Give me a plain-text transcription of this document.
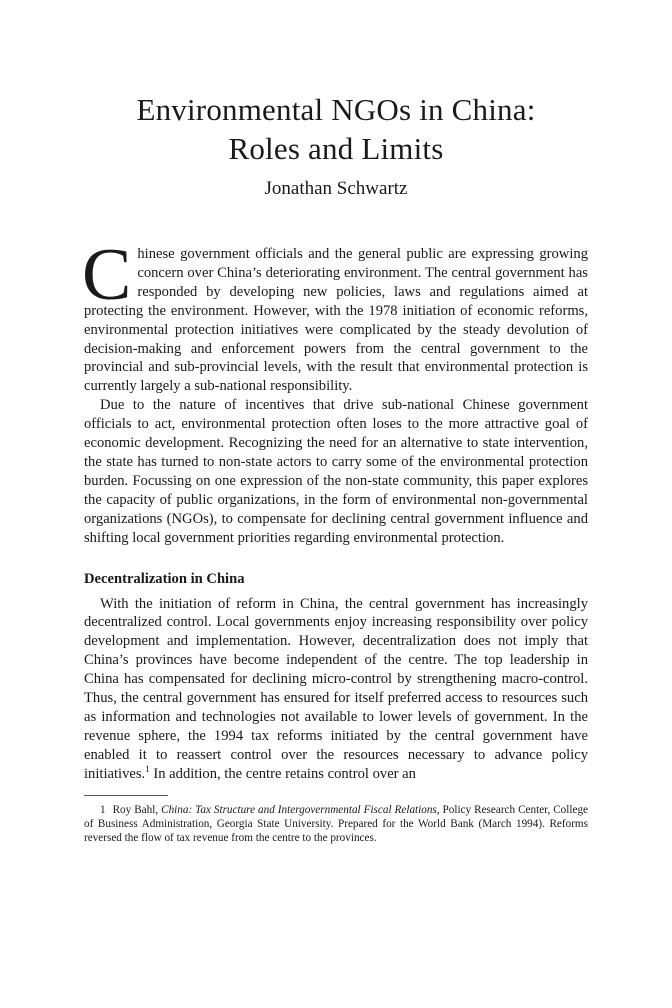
Environmental NGOs in China:
Roles and Limits
Jonathan Schwartz

Chinese government officials and the general public are expressing growing concern over China’s deteriorating environment. The central government has responded by developing new policies, laws and regulations aimed at protecting the environment. However, with the 1978 initiation of economic reforms, environmental protection initiatives were complicated by the steady devolution of decision-making and enforcement powers from the central government to the provincial and sub-provincial levels, with the result that environmental protection is currently largely a sub-national responsibility.

Due to the nature of incentives that drive sub-national Chinese government officials to act, environmental protection often loses to the more attractive goal of economic development. Recognizing the need for an alternative to state intervention, the state has turned to non-state actors to carry some of the environmental protection burden. Focussing on one expression of the non-state community, this paper explores the capacity of public organizations, in the form of environmental non-governmental organizations (NGOs), to compensate for declining central government influence and shifting local government priorities regarding environmental protection.

Decentralization in China

With the initiation of reform in China, the central government has increasingly decentralized control. Local governments enjoy increasing responsibility over policy development and implementation. However, decentralization does not imply that China’s provinces have become independent of the centre. The top leadership in China has compensated for declining micro-control by strengthening macro-control. Thus, the central government has ensured for itself preferred access to resources such as information and technologies not available to lower levels of government. In the revenue sphere, the 1994 tax reforms initiated by the central government have enabled it to reassert control over the resources necessary to advance policy initiatives.$^1$ In addition, the centre retains control over an

1 Roy Bahl, China: Tax Structure and Intergovernmental Fiscal Relations, Policy Research Center, College of Business Administration, Georgia State University. Prepared for the World Bank (March 1994). Reforms reversed the flow of tax revenue from the centre to the provinces.
